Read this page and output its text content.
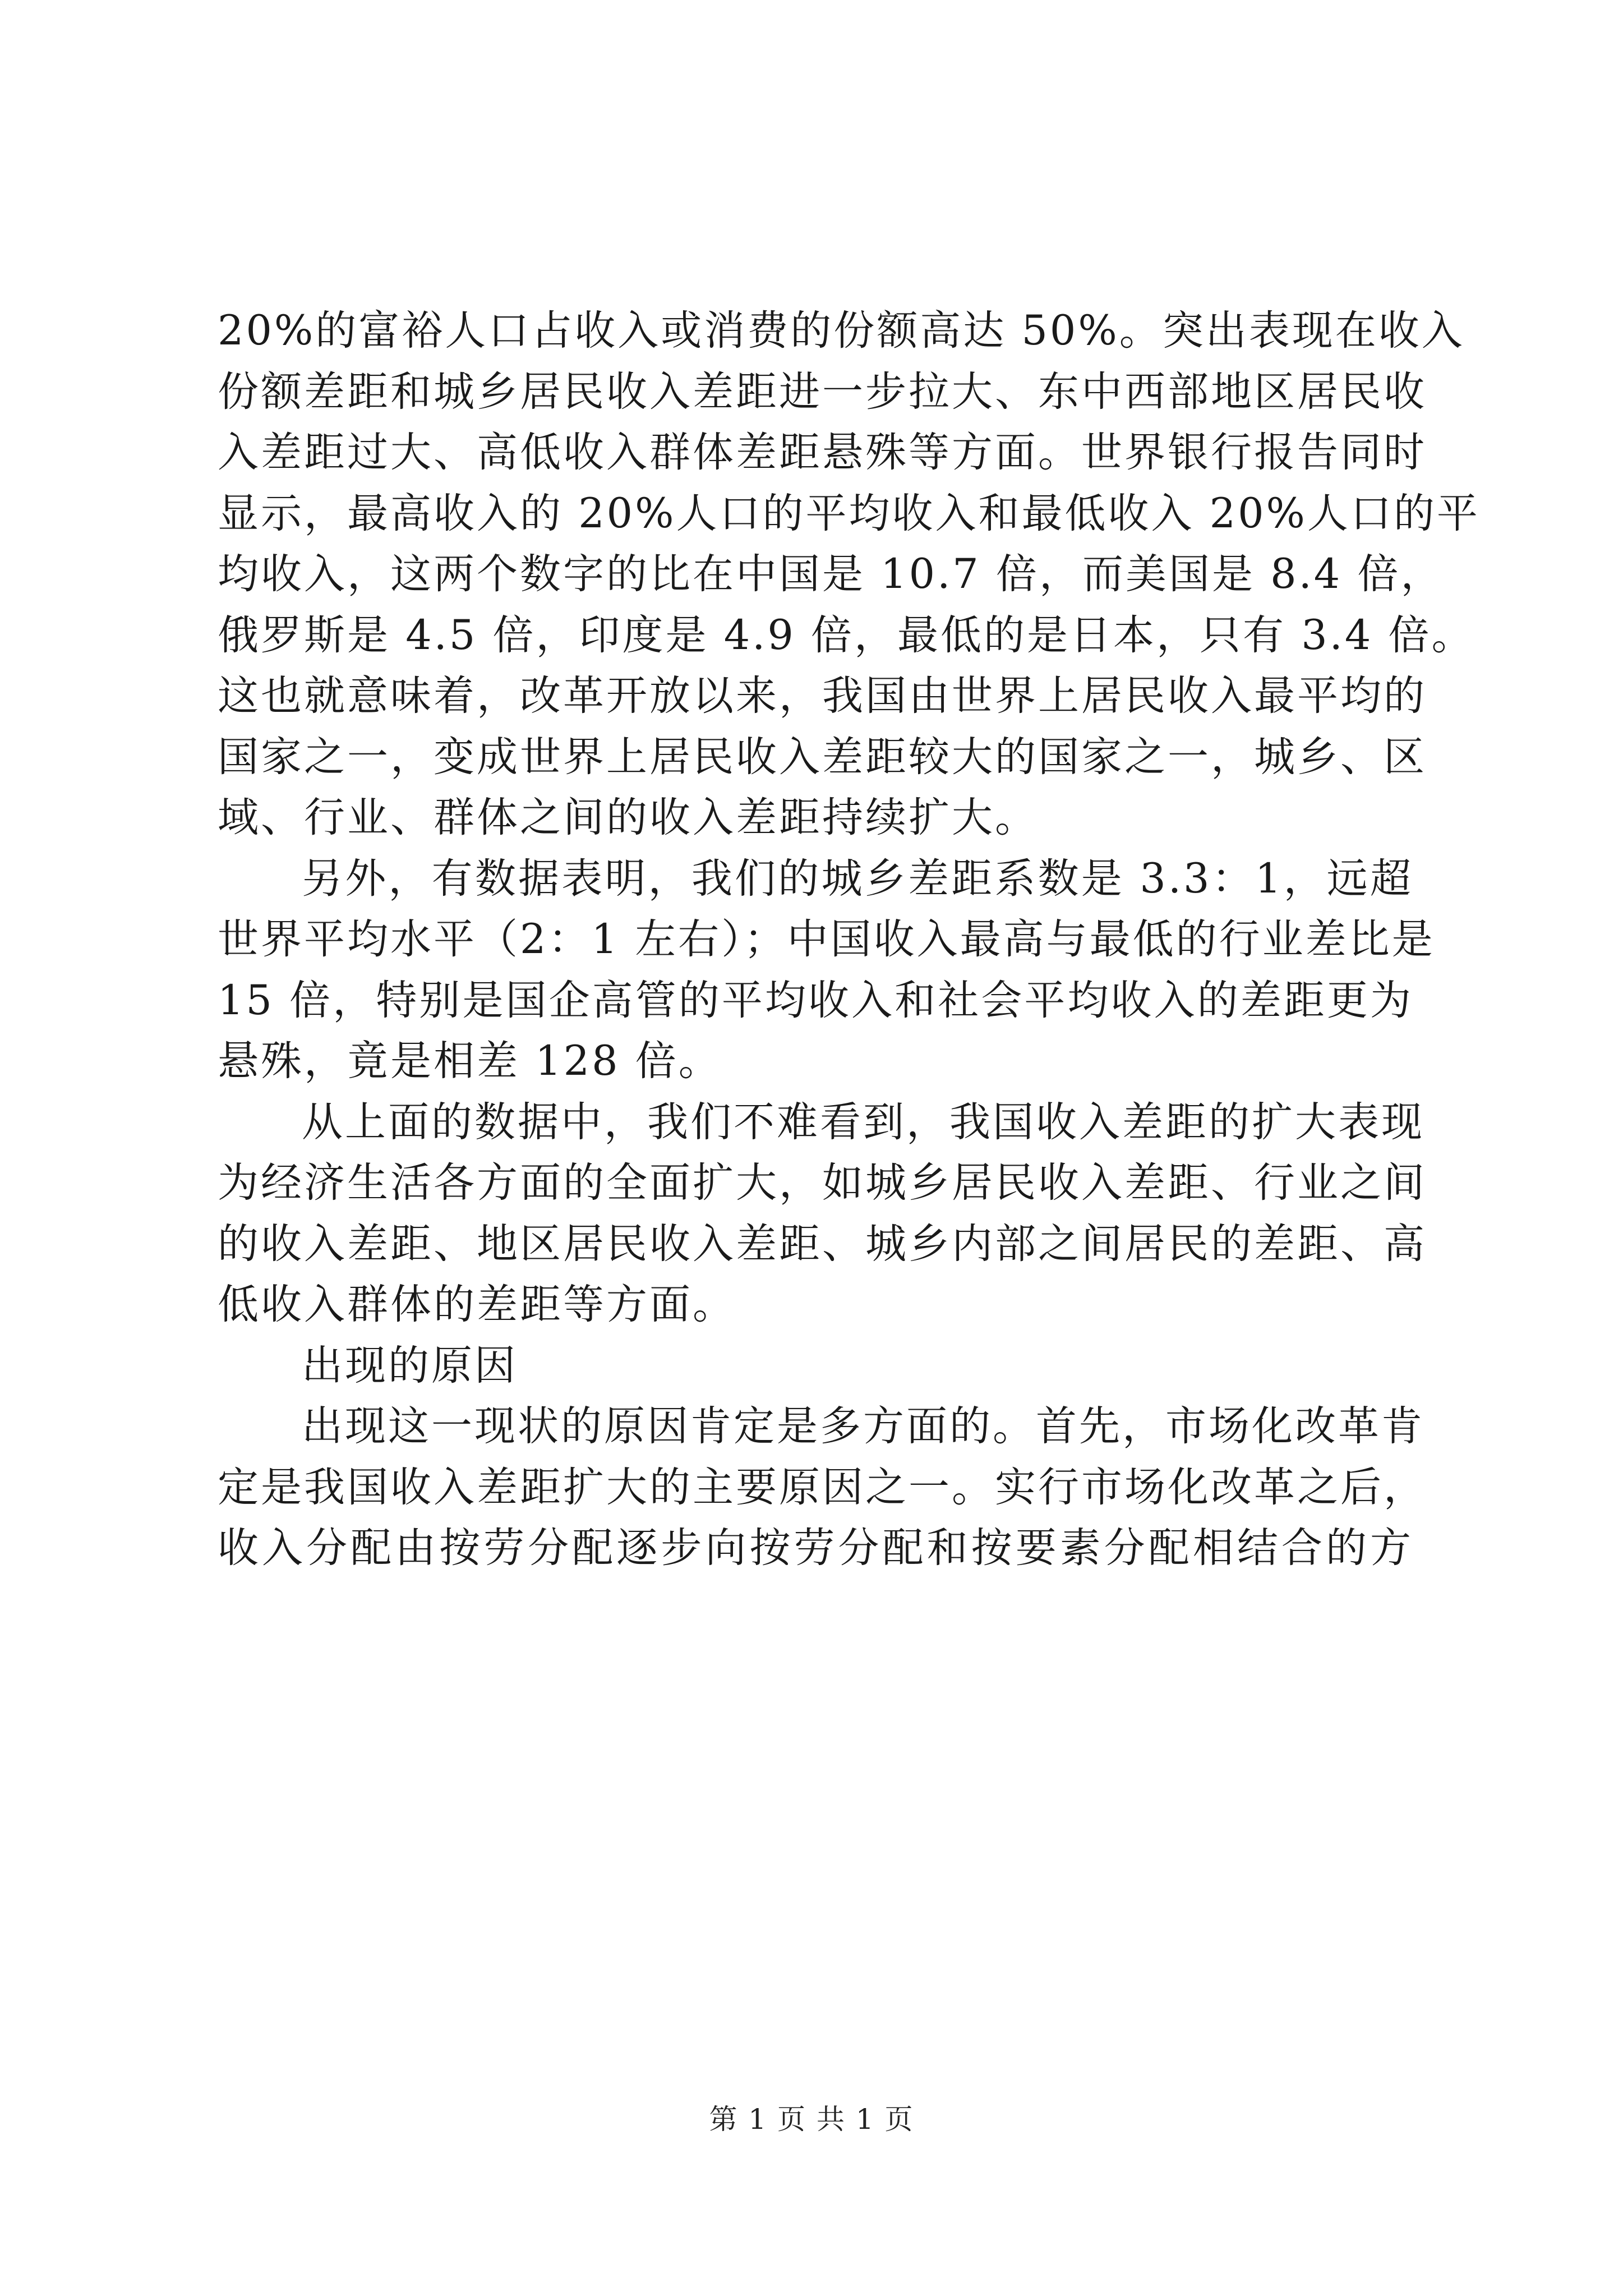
20%的富裕人口占收入或消费的份额高达 50%。突出表现在收入
份额差距和城乡居民收入差距进一步拉大、东中西部地区居民收
入差距过大、高低收入群体差距悬殊等方面。世界银行报告同时
显示，最高收入的 20%人口的平均收入和最低收入 20%人口的平
均收入，这两个数字的比在中国是 10.7 倍，而美国是 8.4 倍，
俄罗斯是 4.5 倍，印度是 4.9 倍，最低的是日本，只有 3.4 倍。
这也就意味着，改革开放以来，我国由世界上居民收入最平均的
国家之一，变成世界上居民收入差距较大的国家之一，城乡、区
域、行业、群体之间的收入差距持续扩大。
另外，有数据表明，我们的城乡差距系数是 3.3：1，远超
世界平均水平（2：1 左右）；中国收入最高与最低的行业差比是
15 倍，特别是国企高管的平均收入和社会平均收入的差距更为
悬殊，竟是相差 128 倍。
从上面的数据中，我们不难看到，我国收入差距的扩大表现
为经济生活各方面的全面扩大，如城乡居民收入差距、行业之间
的收入差距、地区居民收入差距、城乡内部之间居民的差距、高
低收入群体的差距等方面。
出现的原因
出现这一现状的原因肯定是多方面的。首先，市场化改革肯
定是我国收入差距扩大的主要原因之一。实行市场化改革之后，
收入分配由按劳分配逐步向按劳分配和按要素分配相结合的方
第 1 页 共 1 页
